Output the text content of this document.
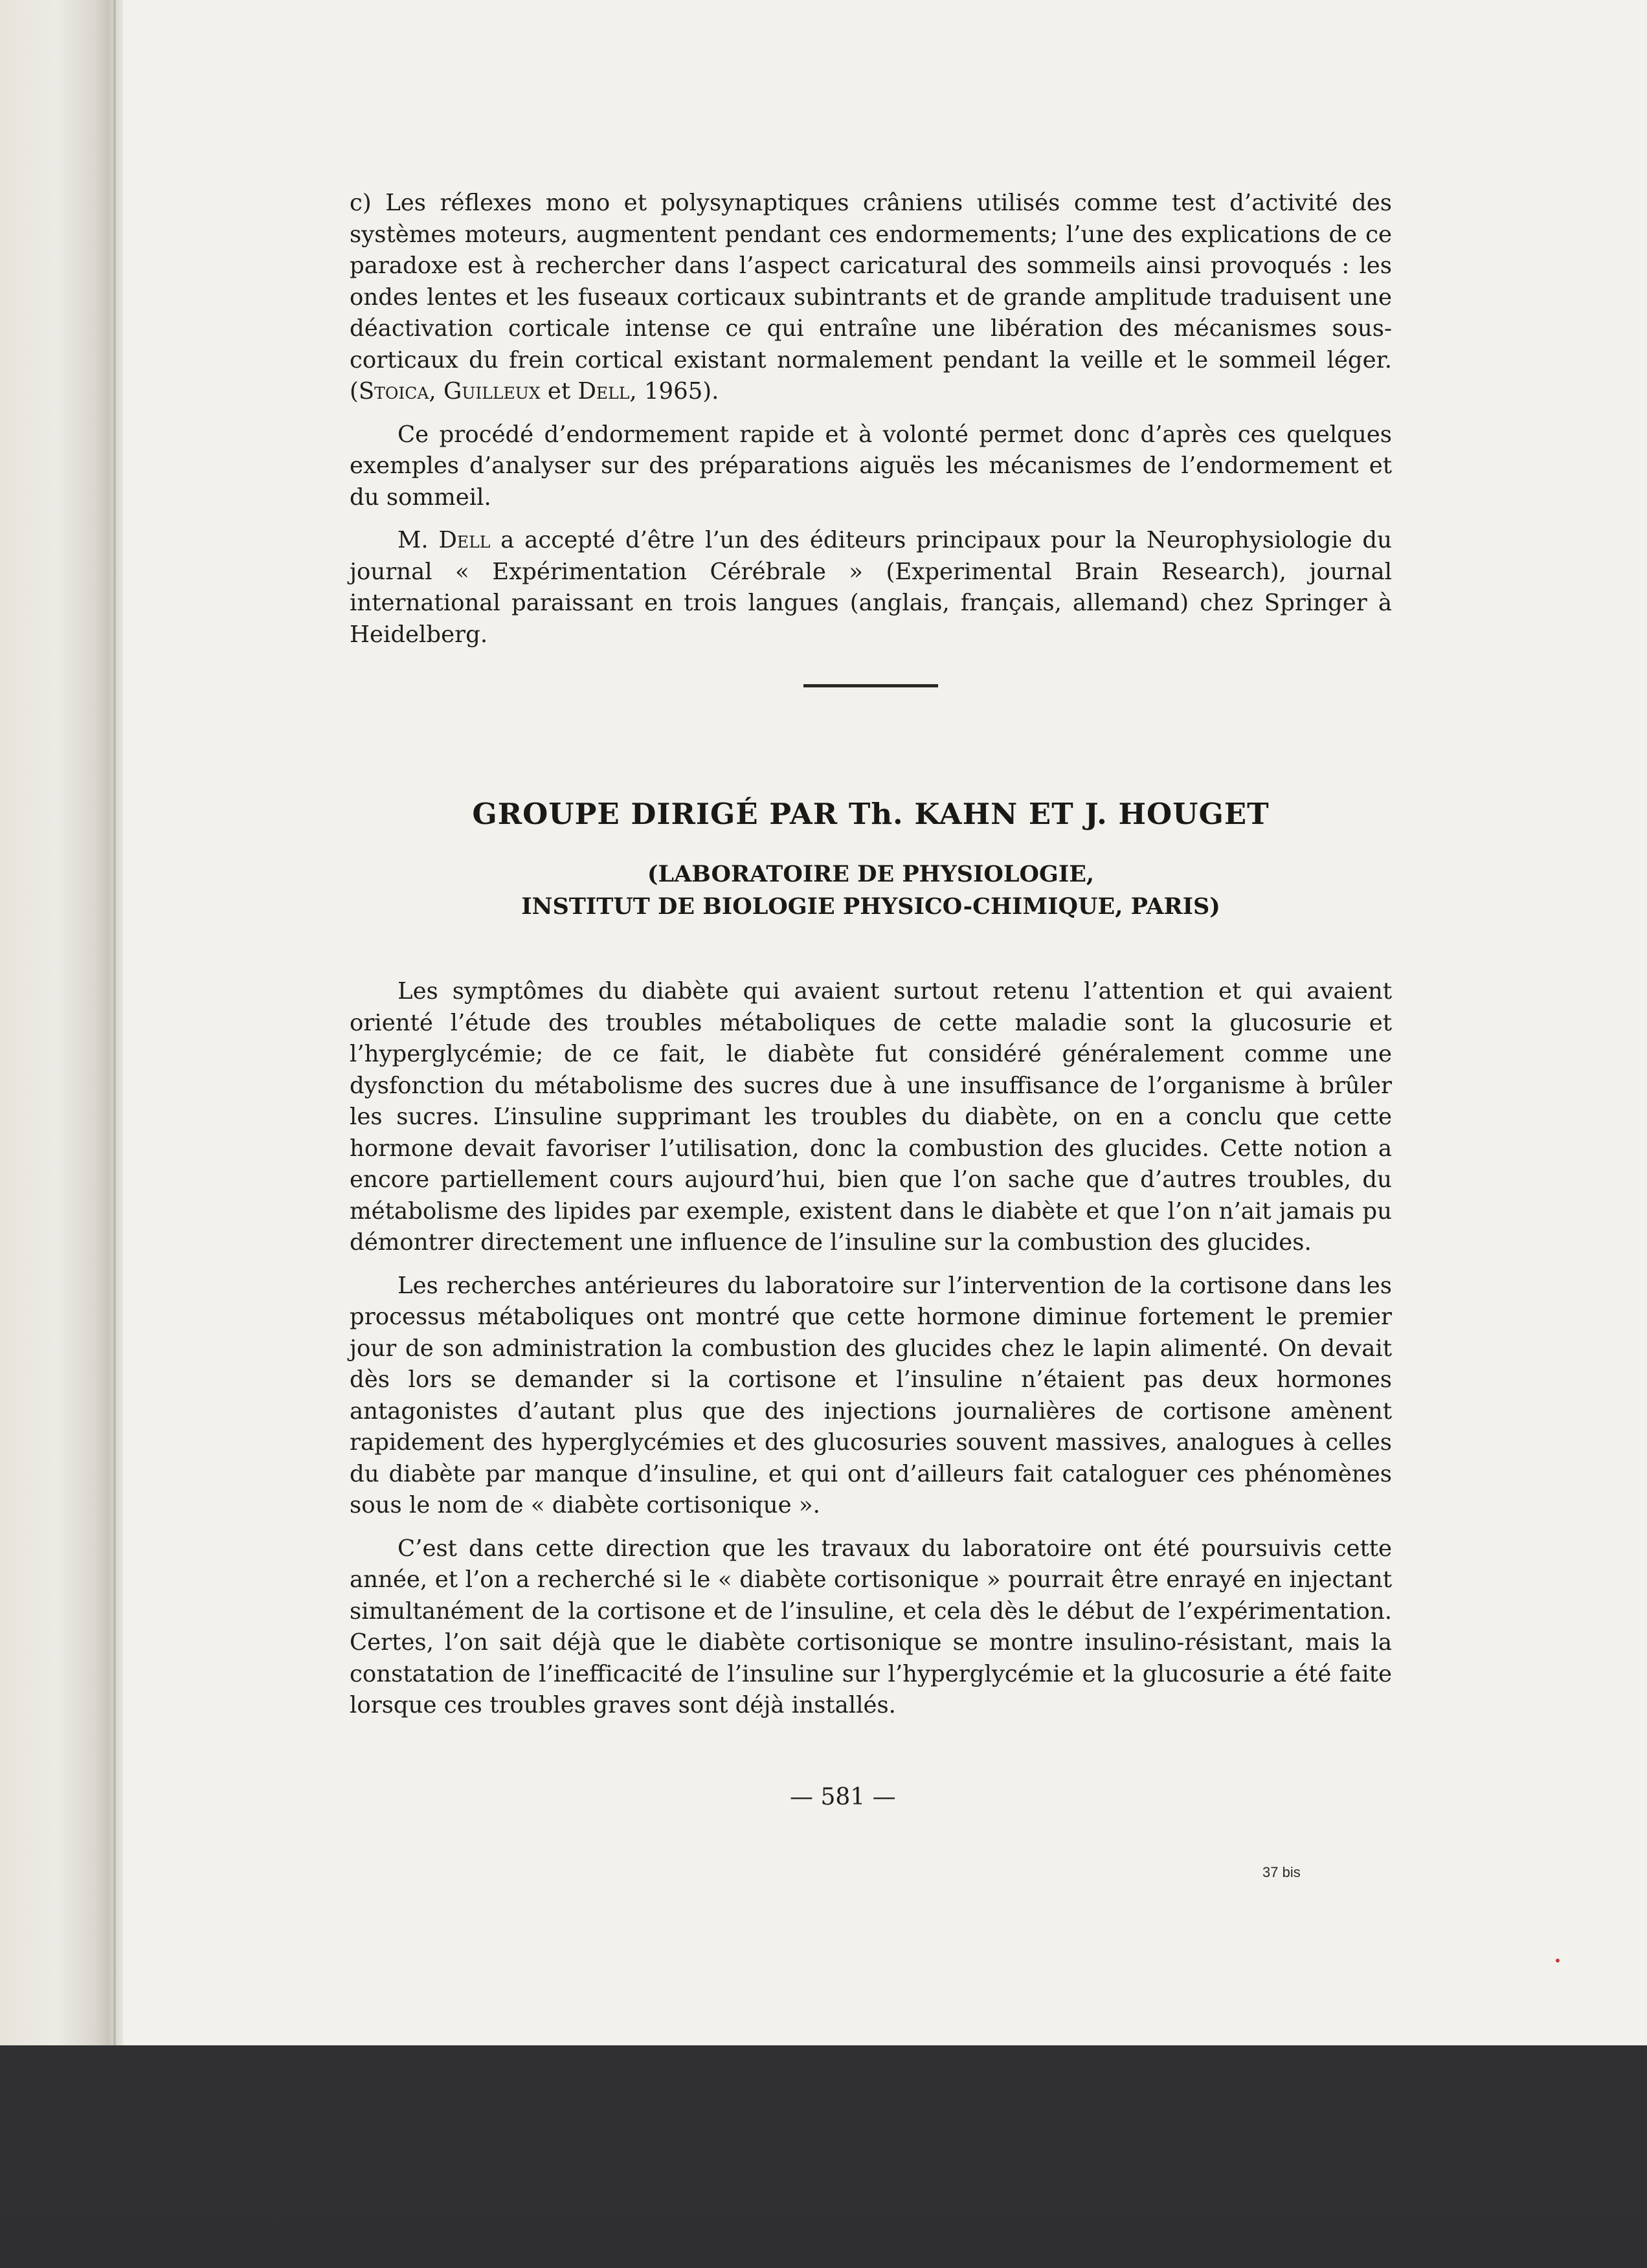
c) Les réflexes mono et polysynaptiques crâniens utilisés comme test d’activité des systèmes moteurs, augmentent pendant ces endormements; l’une des explications de ce paradoxe est à rechercher dans l’aspect caricatural des sommeils ainsi provoqués : les ondes lentes et les fuseaux corticaux subintrants et de grande amplitude traduisent une déactivation corticale intense ce qui entraîne une libération des mécanismes sous-corticaux du frein cortical existant normalement pendant la veille et le sommeil léger. (Stoica, Guilleux et Dell, 1965).

Ce procédé d’endormement rapide et à volonté permet donc d’après ces quelques exemples d’analyser sur des préparations aiguës les mécanismes de l’endormement et du sommeil.

M. Dell a accepté d’être l’un des éditeurs principaux pour la Neurophysiologie du journal « Expérimentation Cérébrale » (Experimental Brain Research), journal international paraissant en trois langues (anglais, français, allemand) chez Springer à Heidelberg.

GROUPE DIRIGÉ PAR Th. KAHN ET J. HOUGET
(LABORATOIRE DE PHYSIOLOGIE,
INSTITUT DE BIOLOGIE PHYSICO-CHIMIQUE, PARIS)

Les symptômes du diabète qui avaient surtout retenu l’attention et qui avaient orienté l’étude des troubles métaboliques de cette maladie sont la glucosurie et l’hyperglycémie; de ce fait, le diabète fut considéré généralement comme une dysfonction du métabolisme des sucres due à une insuffisance de l’organisme à brûler les sucres. L’insuline supprimant les troubles du diabète, on en a conclu que cette hormone devait favoriser l’utilisation, donc la combustion des glucides. Cette notion a encore partiellement cours aujourd’hui, bien que l’on sache que d’autres troubles, du métabolisme des lipides par exemple, existent dans le diabète et que l’on n’ait jamais pu démontrer directement une influence de l’insuline sur la combustion des glucides.

Les recherches antérieures du laboratoire sur l’intervention de la cortisone dans les processus métaboliques ont montré que cette hormone diminue fortement le premier jour de son administration la combustion des glucides chez le lapin alimenté. On devait dès lors se demander si la cortisone et l’insuline n’étaient pas deux hormones antagonistes d’autant plus que des injections journalières de cortisone amènent rapidement des hyperglycémies et des glucosuries souvent massives, analogues à celles du diabète par manque d’insuline, et qui ont d’ailleurs fait cataloguer ces phénomènes sous le nom de « diabète cortisonique ».

C’est dans cette direction que les travaux du laboratoire ont été poursuivis cette année, et l’on a recherché si le « diabète cortisonique » pourrait être enrayé en injectant simultanément de la cortisone et de l’insuline, et cela dès le début de l’expérimentation. Certes, l’on sait déjà que le diabète cortisonique se montre insulino-résistant, mais la constatation de l’inefficacité de l’insuline sur l’hyperglycémie et la glucosurie a été faite lorsque ces troubles graves sont déjà installés.

— 581 —
37 bis
